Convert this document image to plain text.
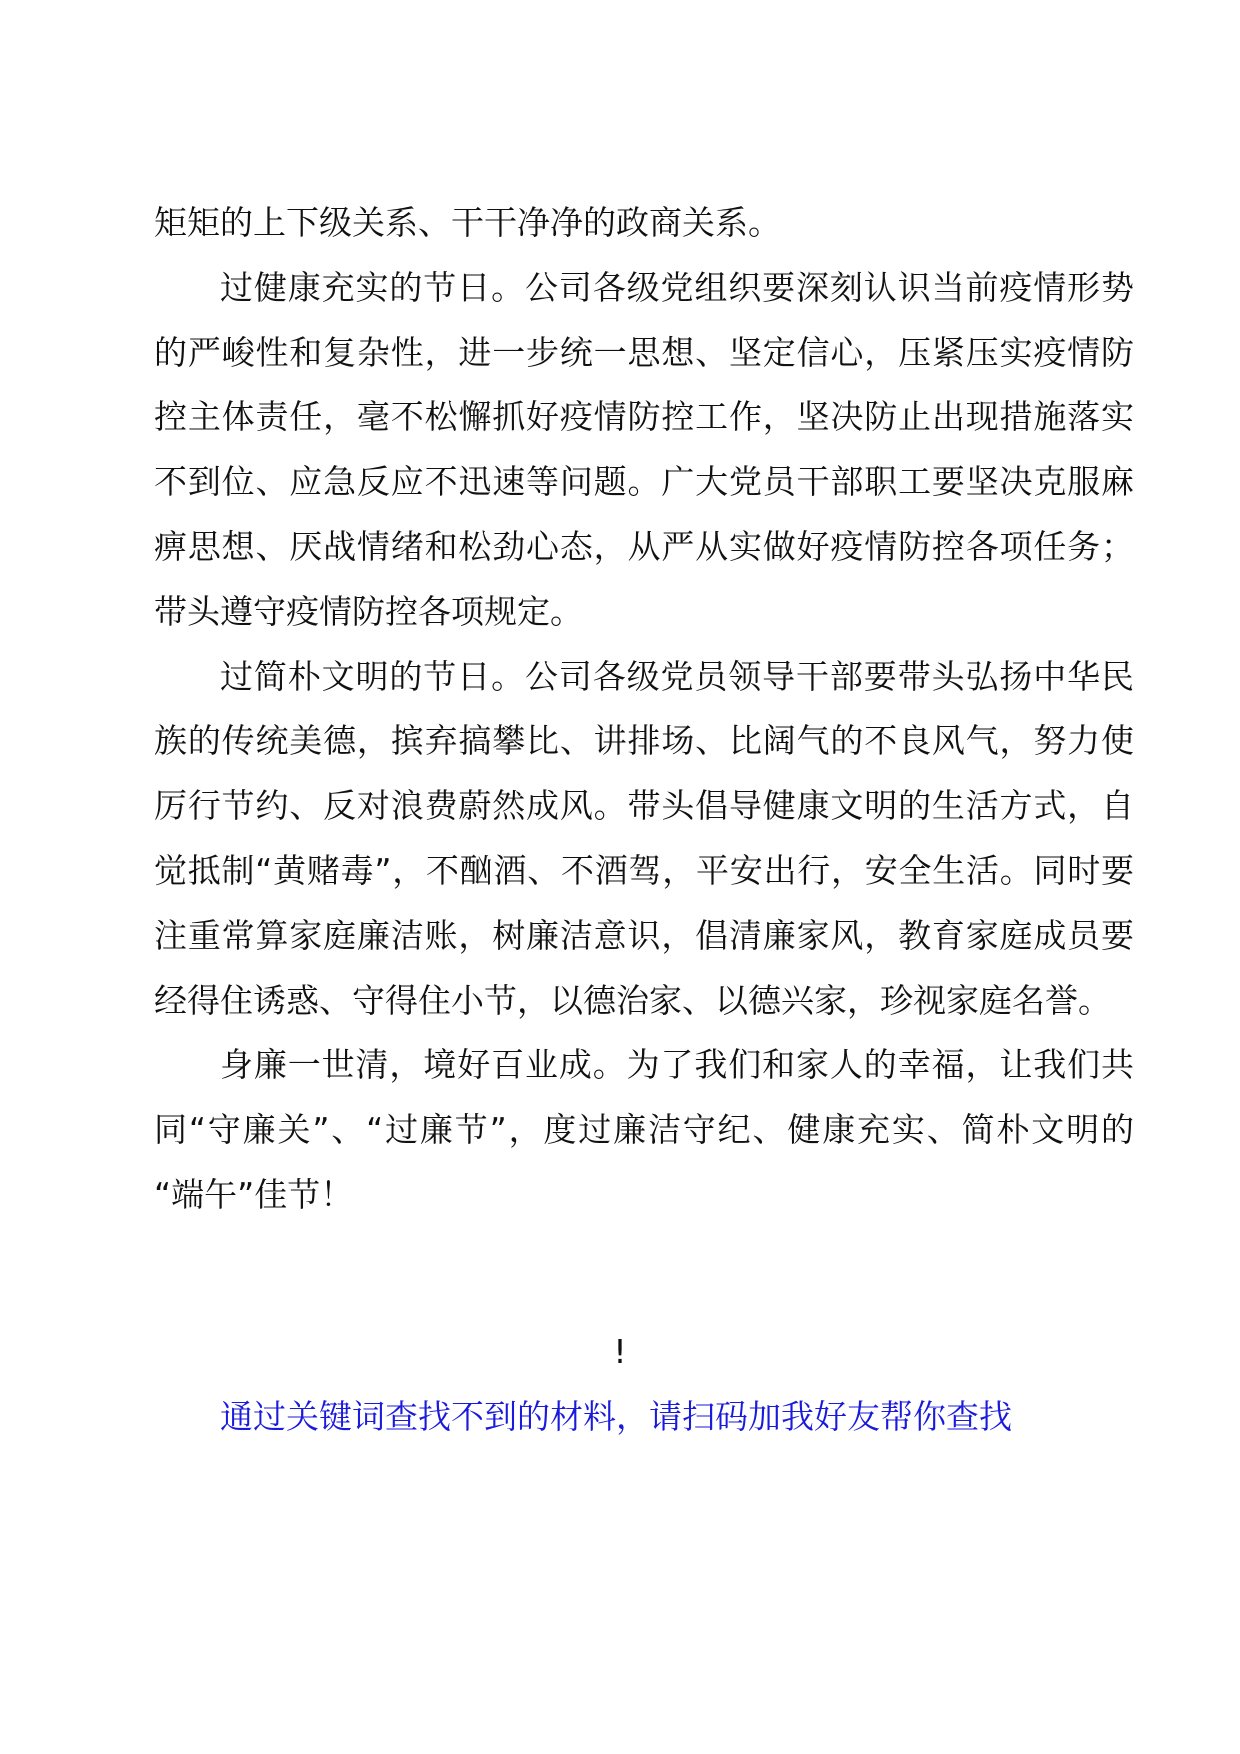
矩矩的上下级关系、干干净净的政商关系。

过健康充实的节日。公司各级党组织要深刻认识当前疫情形势的严峻性和复杂性，进一步统一思想、坚定信心，压紧压实疫情防控主体责任，毫不松懈抓好疫情防控工作，坚决防止出现措施落实不到位、应急反应不迅速等问题。广大党员干部职工要坚决克服麻痹思想、厌战情绪和松劲心态，从严从实做好疫情防控各项任务；带头遵守疫情防控各项规定。

过简朴文明的节日。公司各级党员领导干部要带头弘扬中华民族的传统美德，摈弃搞攀比、讲排场、比阔气的不良风气，努力使厉行节约、反对浪费蔚然成风。带头倡导健康文明的生活方式，自觉抵制“黄赌毒”，不酗酒、不酒驾，平安出行，安全生活。同时要注重常算家庭廉洁账，树廉洁意识，倡清廉家风，教育家庭成员要经得住诱惑、守得住小节，以德治家、以德兴家，珍视家庭名誉。

身廉一世清，境好百业成。为了我们和家人的幸福，让我们共同“守廉关”、“过廉节”，度过廉洁守纪、健康充实、简朴文明的 “端午”佳节！

!
通过关键词查找不到的材料，请扫码加我好友帮你查找
